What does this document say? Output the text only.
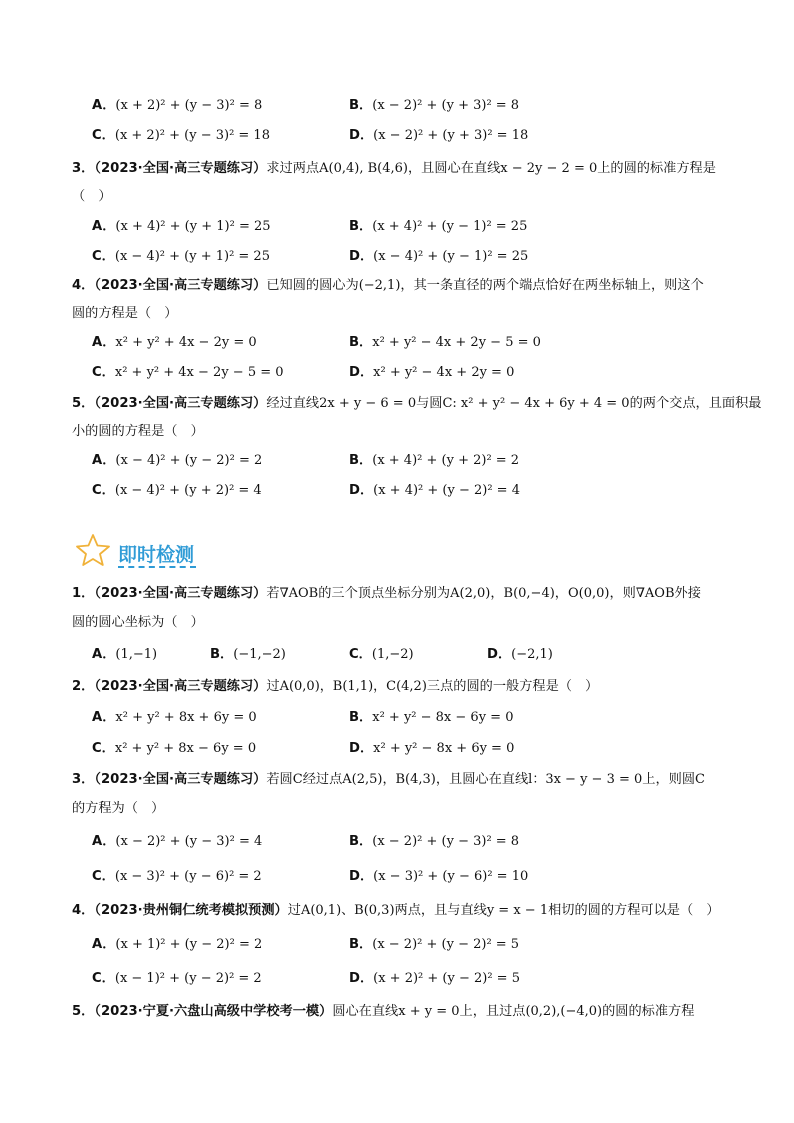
A．(x + 2)² + (y − 3)² = 8	B．(x − 2)² + (y + 3)² = 8
C．(x + 2)² + (y − 3)² = 18	D．(x − 2)² + (y + 3)² = 18
3．（2023·全国·高三专题练习）求过两点A(0,4), B(4,6)，且圆心在直线x − 2y − 2 = 0上的圆的标准方程是
（　）
A．(x + 4)² + (y + 1)² = 25	B．(x + 4)² + (y − 1)² = 25
C．(x − 4)² + (y + 1)² = 25	D．(x − 4)² + (y − 1)² = 25
4．（2023·全国·高三专题练习）已知圆的圆心为(−2,1)，其一条直径的两个端点恰好在两坐标轴上，则这个
圆的方程是（　）
A．x² + y² + 4x − 2y = 0	B．x² + y² − 4x + 2y − 5 = 0
C．x² + y² + 4x − 2y − 5 = 0	D．x² + y² − 4x + 2y = 0
5．（2023·全国·高三专题练习）经过直线2x + y − 6 = 0与圆C: x² + y² − 4x + 6y + 4 = 0的两个交点，且面积最
小的圆的方程是（　）
A．(x − 4)² + (y − 2)² = 2	B．(x + 4)² + (y + 2)² = 2
C．(x − 4)² + (y + 2)² = 4	D．(x + 4)² + (y − 2)² = 4
即时检测
1．（2023·全国·高三专题练习）若∇AOB的三个顶点坐标分别为A(2,0)，B(0,−4)，O(0,0)，则∇AOB外接
圆的圆心坐标为（　）
A．(1,−1)	B．(−1,−2)	C．(1,−2)	D．(−2,1)
2．（2023·全国·高三专题练习）过A(0,0)，B(1,1)，C(4,2)三点的圆的一般方程是（　）
A．x² + y² + 8x + 6y = 0	B．x² + y² − 8x − 6y = 0
C．x² + y² + 8x − 6y = 0	D．x² + y² − 8x + 6y = 0
3．（2023·全国·高三专题练习）若圆C经过点A(2,5)，B(4,3)，且圆心在直线l：3x − y − 3 = 0上，则圆C
的方程为（　）
A．(x − 2)² + (y − 3)² = 4	B．(x − 2)² + (y − 3)² = 8
C．(x − 3)² + (y − 6)² = 2	D．(x − 3)² + (y − 6)² = 10
4．（2023·贵州铜仁统考模拟预测）过A(0,1)、B(0,3)两点，且与直线y = x − 1相切的圆的方程可以是（　）
A．(x + 1)² + (y − 2)² = 2	B．(x − 2)² + (y − 2)² = 5
C．(x − 1)² + (y − 2)² = 2	D．(x + 2)² + (y − 2)² = 5
5．（2023·宁夏·六盘山高级中学校考一模）圆心在直线x + y = 0上，且过点(0,2),(−4,0)的圆的标准方程
